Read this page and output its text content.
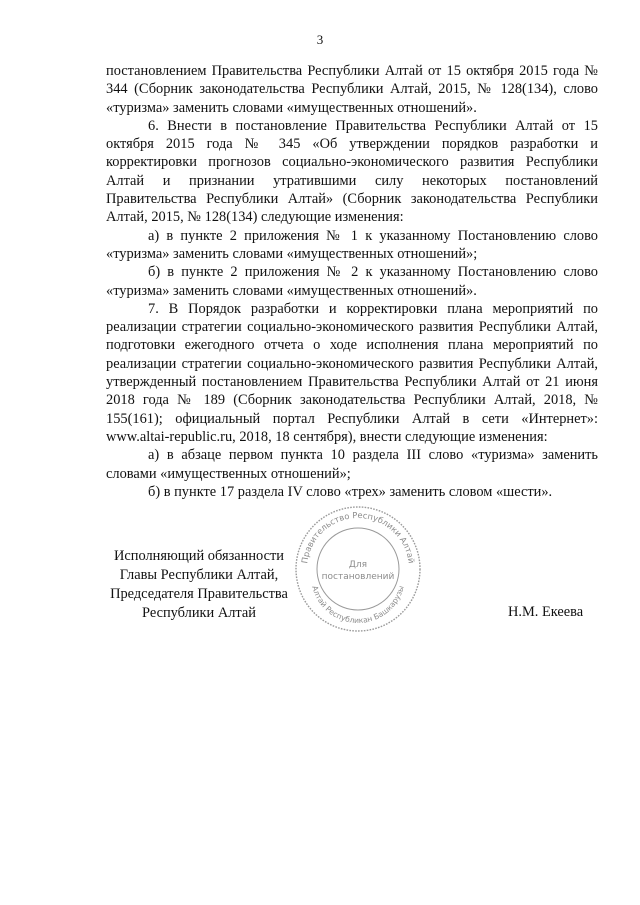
3

постановлением Правительства Республики Алтай от 15 октября 2015 года № 344 (Сборник законодательства Республики Алтай, 2015, № 128(134), слово «туризма» заменить словами «имущественных отношений».

6. Внести в постановление Правительства Республики Алтай от 15 октября 2015 года № 345 «Об утверждении порядков разработки и корректировки прогнозов социально-экономического развития Республики Алтай и признании утратившими силу некоторых постановлений Правительства Республики Алтай» (Сборник законодательства Республики Алтай, 2015, № 128(134) следующие изменения:

а) в пункте 2 приложения № 1 к указанному Постановлению слово «туризма» заменить словами «имущественных отношений»;

б) в пункте 2 приложения № 2 к указанному Постановлению слово «туризма» заменить словами «имущественных отношений».

7. В Порядок разработки и корректировки плана мероприятий по реализации стратегии социально-экономического развития Республики Алтай, подготовки ежегодного отчета о ходе исполнения плана мероприятий по реализации стратегии социально-экономического развития Республики Алтай, утвержденный постановлением Правительства Республики Алтай от 21 июня 2018 года № 189 (Сборник законодательства Республики Алтай, 2018, № 155(161); официальный портал Республики Алтай в сети «Интернет»: www.altai-republic.ru, 2018, 18 сентября), внести следующие изменения:

а) в абзаце первом пункта 10 раздела III слово «туризма» заменить словами «имущественных отношений»;

б) в пункте 17 раздела IV слово «трех» заменить словом «шести».

Исполняющий обязанности
Главы Республики Алтай,
Председателя Правительства
Республики Алтай	Н.М. Екеева
Правительство Республики Алтай
Алтай Республикан Башкарузы
Для
постановлений
